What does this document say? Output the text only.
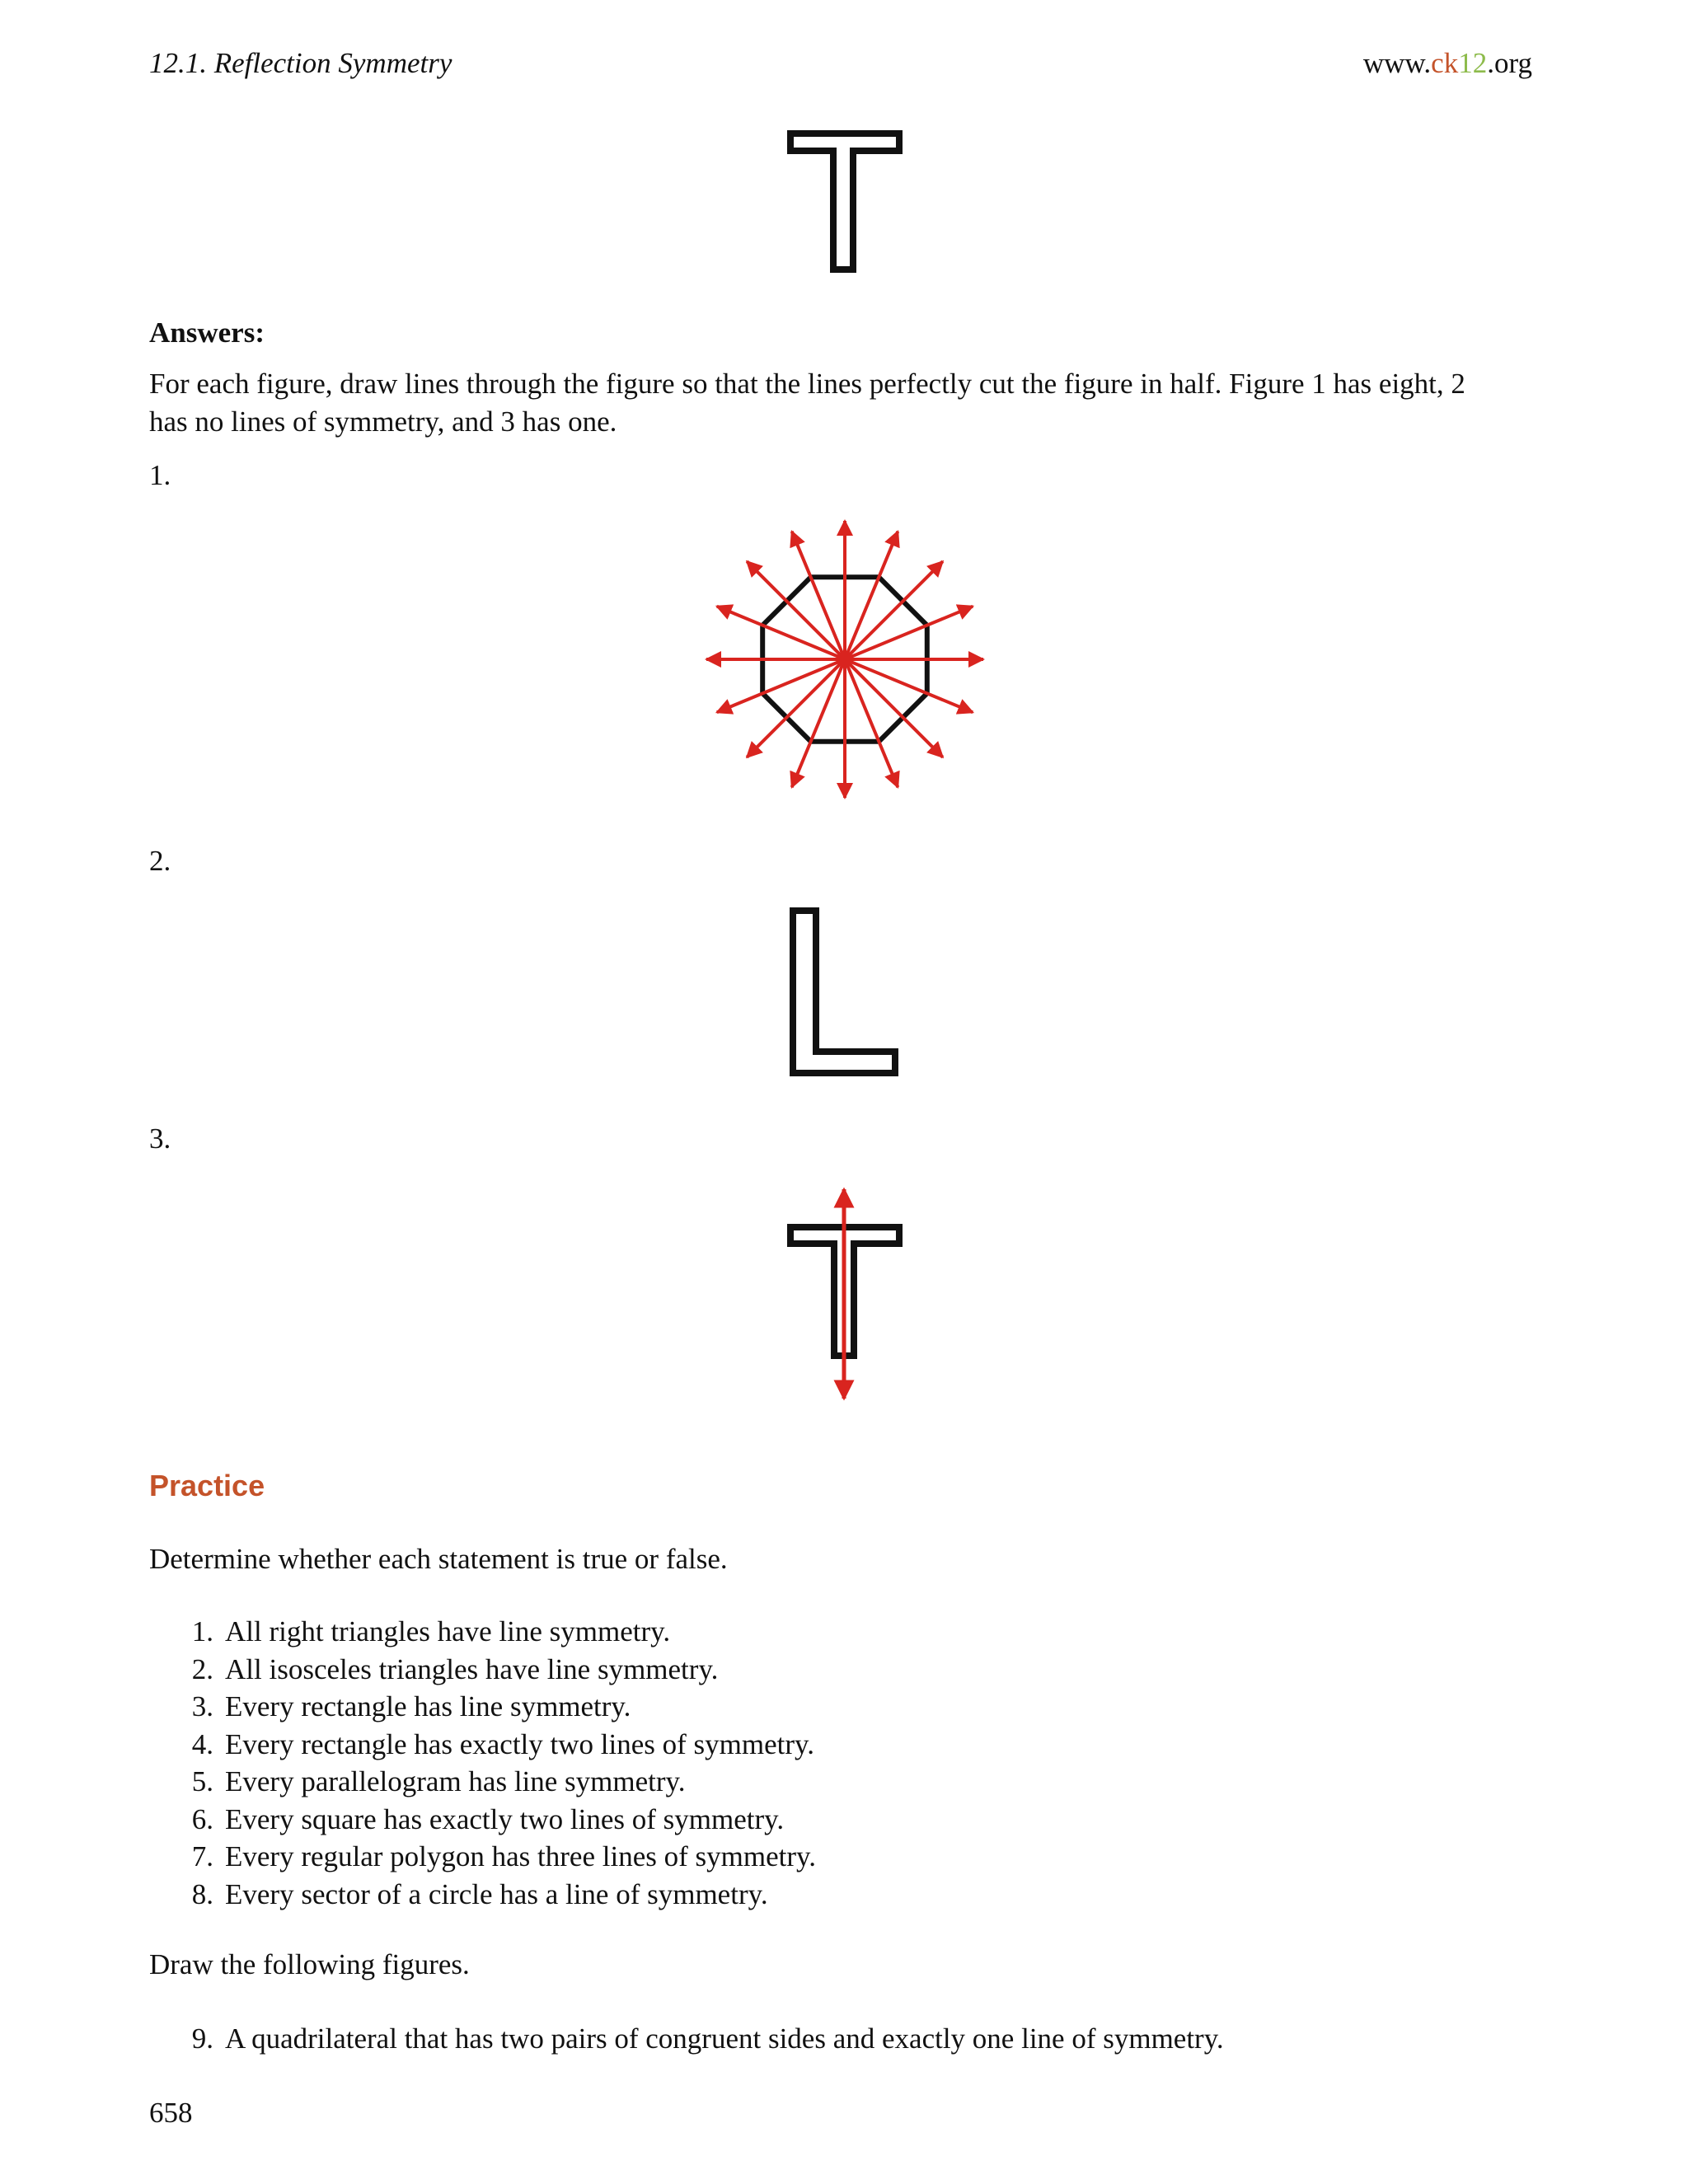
12.1. Reflection Symmetry	www.ck12.org
Answers:
For each figure, draw lines through the figure so that the lines perfectly cut the figure in half. Figure 1 has eight, 2
has no lines of symmetry, and 3 has one.
1.
2.
3.
Practice
Determine whether each statement is true or false.
1. All right triangles have line symmetry.
2. All isosceles triangles have line symmetry.
3. Every rectangle has line symmetry.
4. Every rectangle has exactly two lines of symmetry.
5. Every parallelogram has line symmetry.
6. Every square has exactly two lines of symmetry.
7. Every regular polygon has three lines of symmetry.
8. Every sector of a circle has a line of symmetry.
Draw the following figures.
9. A quadrilateral that has two pairs of congruent sides and exactly one line of symmetry.
658
